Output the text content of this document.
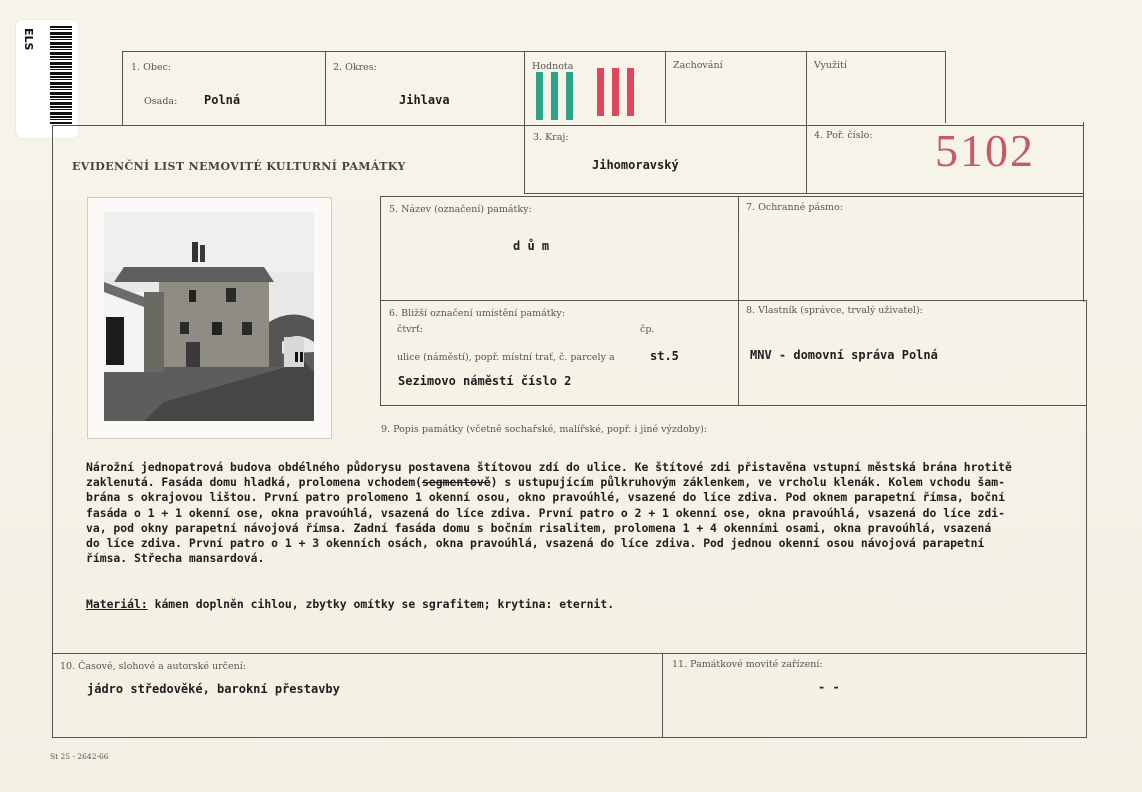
ELS
1. Obec:
Osada: Polná
2. Okres:
Jihlava
Hodnota	Zachování	Využití
EVIDENČNÍ LIST NEMOVITÉ KULTURNÍ PAMÁTKY
3. Kraj:
Jihomoravský
4. Poř. číslo: 5102
5. Název (označení) památky:
d ů m
7. Ochranné pásmo:
6. Bližší označení umístění památky:
čtvrť:	čp.
ulice (náměstí), popř. místní trať, č. parcely a	st.5
Sezimovo náměstí číslo 2
8. Vlastník (správce, trvalý uživatel):
MNV - domovní správa Polná
9. Popis památky (včetně sochařské, malířské, popř. i jiné výzdoby):
Nárožní jednopatrová budova obdélného půdorysu postavena štítovou zdí do ulice. Ke štítové zdi přistavěna vstupní městská brána hrotitě
zaklenutá. Fasáda domu hladká, prolomena vchodem(segmentově) s ustupujícím půlkruhovým záklenkem, ve vrcholu klenák. Kolem vchodu šam-
brána s okrajovou lištou. První patro prolomeno 1 okenní osou, okno pravoúhlé, vsazené do líce zdiva. Pod oknem parapetní římsa, boční
fasáda o 1 + 1 okenní ose, okna pravoúhlá, vsazená do líce zdiva. První patro o 2 + 1 okenní ose, okna pravoúhlá, vsazená do líce zdi-
va, pod okny parapetní návojová římsa. Zadní fasáda domu s bočním risalitem, prolomena 1 + 4 okenními osami, okna pravoúhlá, vsazená
do líce zdiva. První patro o 1 + 3 okenních osách, okna pravoúhlá, vsazená do líce zdiva. Pod jednou okenní osou návojová parapetní
římsa. Střecha mansardová.

Materiál: kámen doplněn cihlou, zbytky omítky se sgrafitem; krytina: eternit.
10. Časové, slohové a autorské určení:
jádro středověké, barokní přestavby
11. Památkové movité zařízení:
- -
St 25 - 2642-66
